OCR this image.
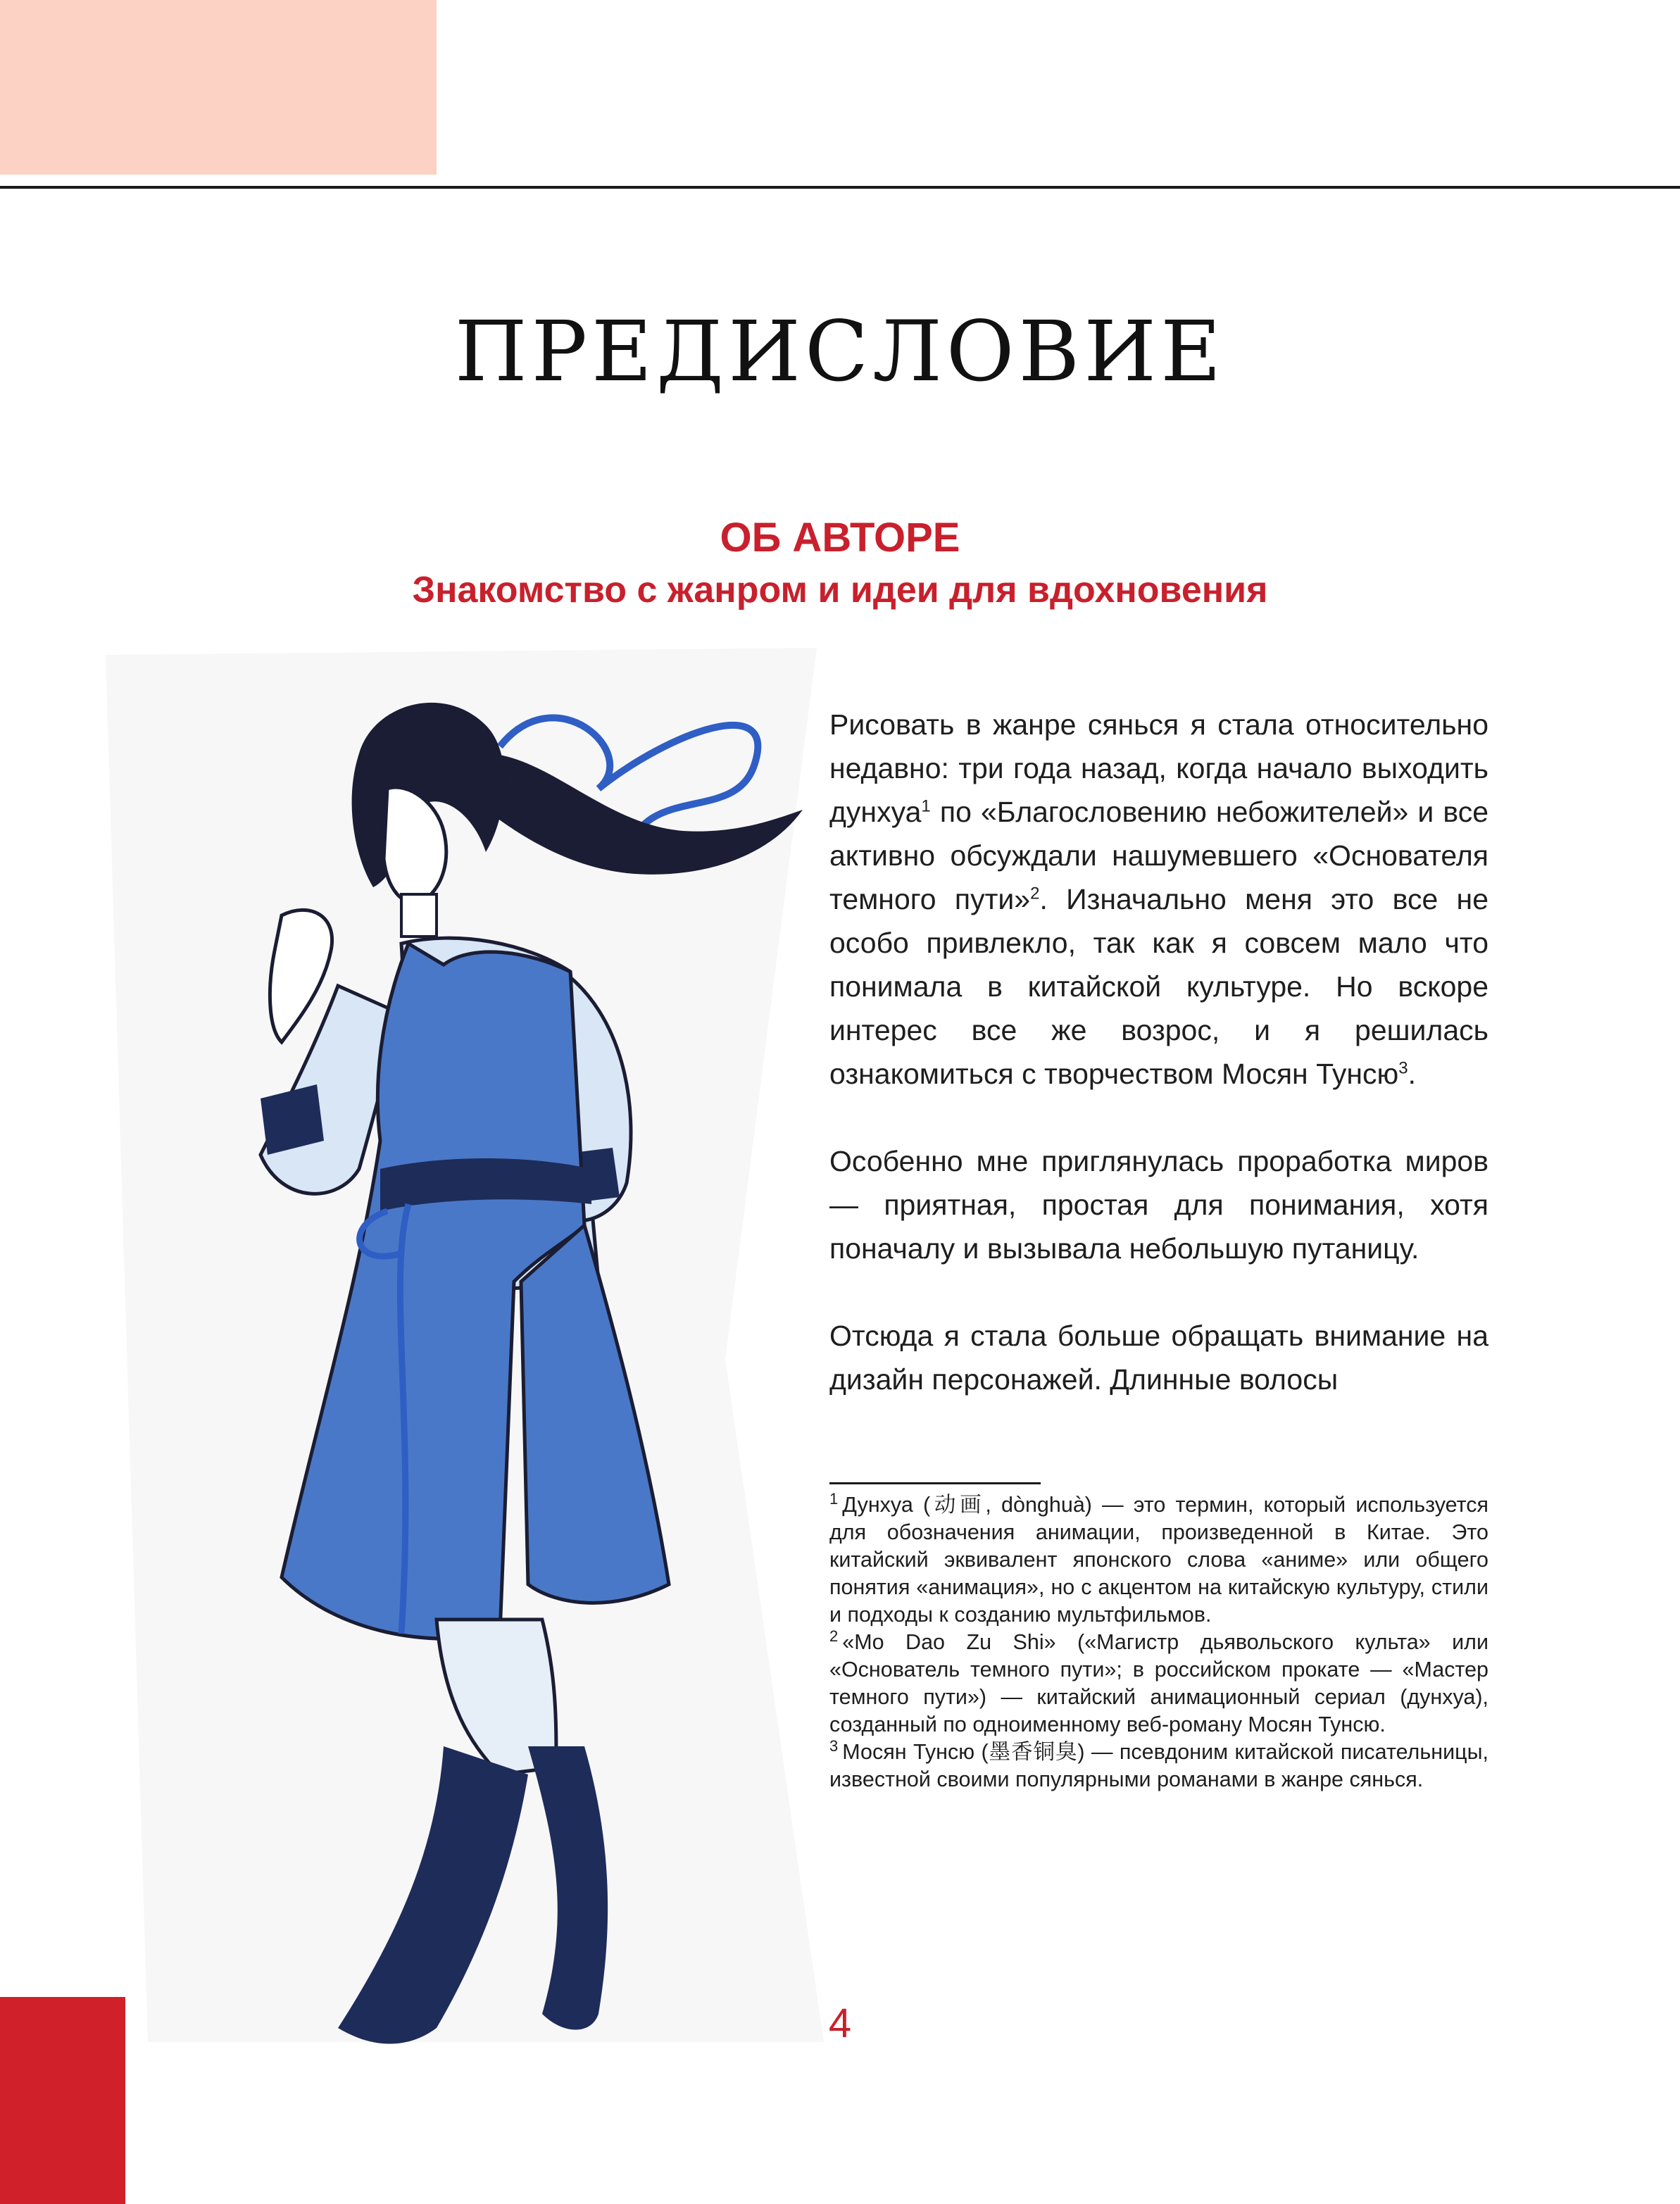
ПРЕДИСЛОВИЕ
ОБ АВТОРЕ
Знакомство с жанром и идеи для вдохновения

Рисовать в жанре сянься я стала относительно недавно: три года назад, когда начало выходить дунхуа$^1$ по «Благословению небожителей» и все активно обсуждали нашумевшего «Основателя темного пути»$^2$. Изначально меня это все не особо привлекло, так как я совсем мало что понимала в китайской культуре. Но вскоре интерес все же возрос, и я решилась ознакомиться с творчеством Мосян Тунсю$^3$.

Особенно мне приглянулась проработка миров — приятная, простая для понимания, хотя поначалу и вызывала небольшую путаницу.

Отсюда я стала больше обращать внимание на дизайн персонажей. Длинные волосы

$^1$ Дунхуа (动画, dònghuà) — это термин, который используется для обозначения анимации, произведенной в Китае. Это китайский эквивалент японского слова «аниме» или общего понятия «анимация», но с акцентом на китайскую культуру, стили и подходы к созданию мультфильмов.

$^2$ «Mo Dao Zu Shi» («Магистр дьявольского культа» или «Основатель темного пути»; в российском прокате — «Мастер темного пути») — китайский анимационный сериал (дунхуа), созданный по одноименному веб-роману Мосян Тунсю.

$^3$ Мосян Тунсю (墨香铜臭) — псевдоним китайской писательницы, известной своими популярными романами в жанре сянься.

4
